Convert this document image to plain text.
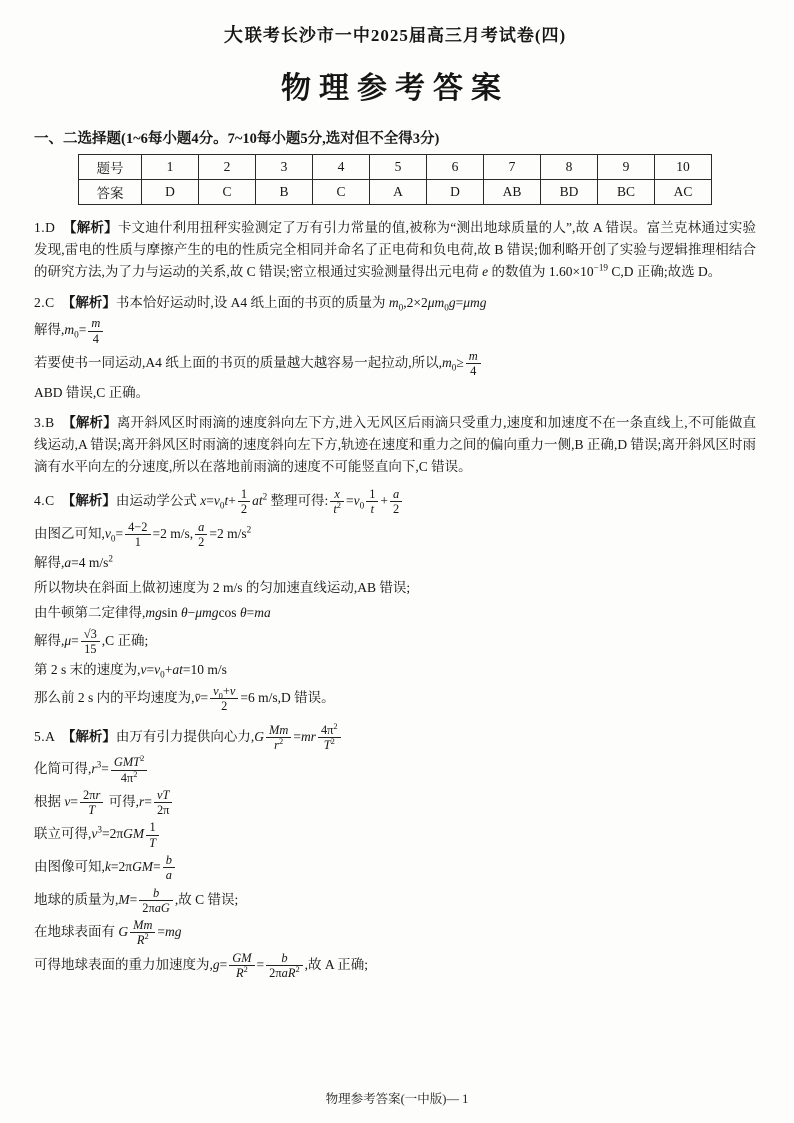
大联考长沙市一中2025届高三月考试卷(四)
物理参考答案
一、二选择题(1~6每小题4分。7~10每小题5分,选对但不全得3分)
题号	1	2	3	4	5	6	7	8	9	10
答案	D	C	B	C	A	D	AB	BD	BC	AC

1.D　【解析】卡文迪什利用扭秤实验测定了万有引力常量的值,被称为“测出地球质量的人”,故 A 错误。富兰克林通过实验发现,雷电的性质与摩擦产生的电的性质完全相同并命名了正电荷和负电荷,故 B 错误;伽利略开创了实验与逻辑推理相结合的研究方法,为了力与运动的关系,故 C 错误;密立根通过实验测量得出元电荷 e 的数值为 $1.60\times 10^{-19}$ C,D 正确;故选 D。

2.C　【解析】书本恰好运动时,设 A4 纸上面的书页的质量为 $m_0,2\times 2\mu m_0g=\mu mg$

解得$,m_0= \frac{m}{4}$

若要使书一同运动,A4 纸上面的书页的质量越大越容易一起拉动,所以$,m_0\ge \frac{m}{4}$

ABD 错误,C 正确。

3.B　【解析】离开斜风区时雨滴的速度斜向左下方,进入无风区后雨滴只受重力,速度和加速度不在一条直线上,不可能做直线运动,A 错误;离开斜风区时雨滴的速度斜向左下方,轨迹在速度和重力之间的偏向重力一侧,B 正确,D 错误;离开斜风区时雨滴有水平向左的分速度,所以在落地前雨滴的速度不可能竖直向下,C 错误。

4.C　【解析】由运动学公式 $x=v_0t+ \frac{1}{2} at^2$ 整理可得: $\frac{x}{t^2} =v_0 \frac{1}{t} + \frac{a}{2}$

由图乙可知$,v_0= \frac{4-2}{1} =2$ m/s, $\frac{a}{2} =2$ $m/s^2$

解得,a=4 $m/s^2$

所以物块在斜面上做初速度为 2 m/s 的匀加速直线运动,AB 错误;

由牛顿第二定律得,mgsin θ−μmgcos θ=ma

解得$,\mu= \frac{√3}{15} ,C$ 正确;

第 2 s 末的速度为$,v=v_0+at=10$ m/s

那么前 2 s 内的平均速度为,v̄= $\frac{v_0+v}{2} =6$ m/s,D 错误。

5.A　【解析】由万有引力提供向心力$,G \frac{Mm}{r^2} =mr \frac{4\pi^2}{T^2}$

化简可得$,r^3= \frac{GMT^2}{4\pi^2}$

根据 $v= \frac{2\pi r}{T}$ 可得$,r= \frac{vT}{2\pi}$

联立可得$,v^3=2\pi GM \frac{1}{T}$

由图像可知$,k=2\pi GM= \frac{b}{a}$

地球的质量为$,M= \frac{b}{\text{2πaG}}$ ,故 C 错误;

在地球表面有 G $\frac{Mm}{R^2} =mg$

可得地球表面的重力加速度为$,g= \frac{GM}{R^2} = \frac{b}{2\pi aR^2}$ ,故 A 正确;

物理参考答案(一中版)— 1
